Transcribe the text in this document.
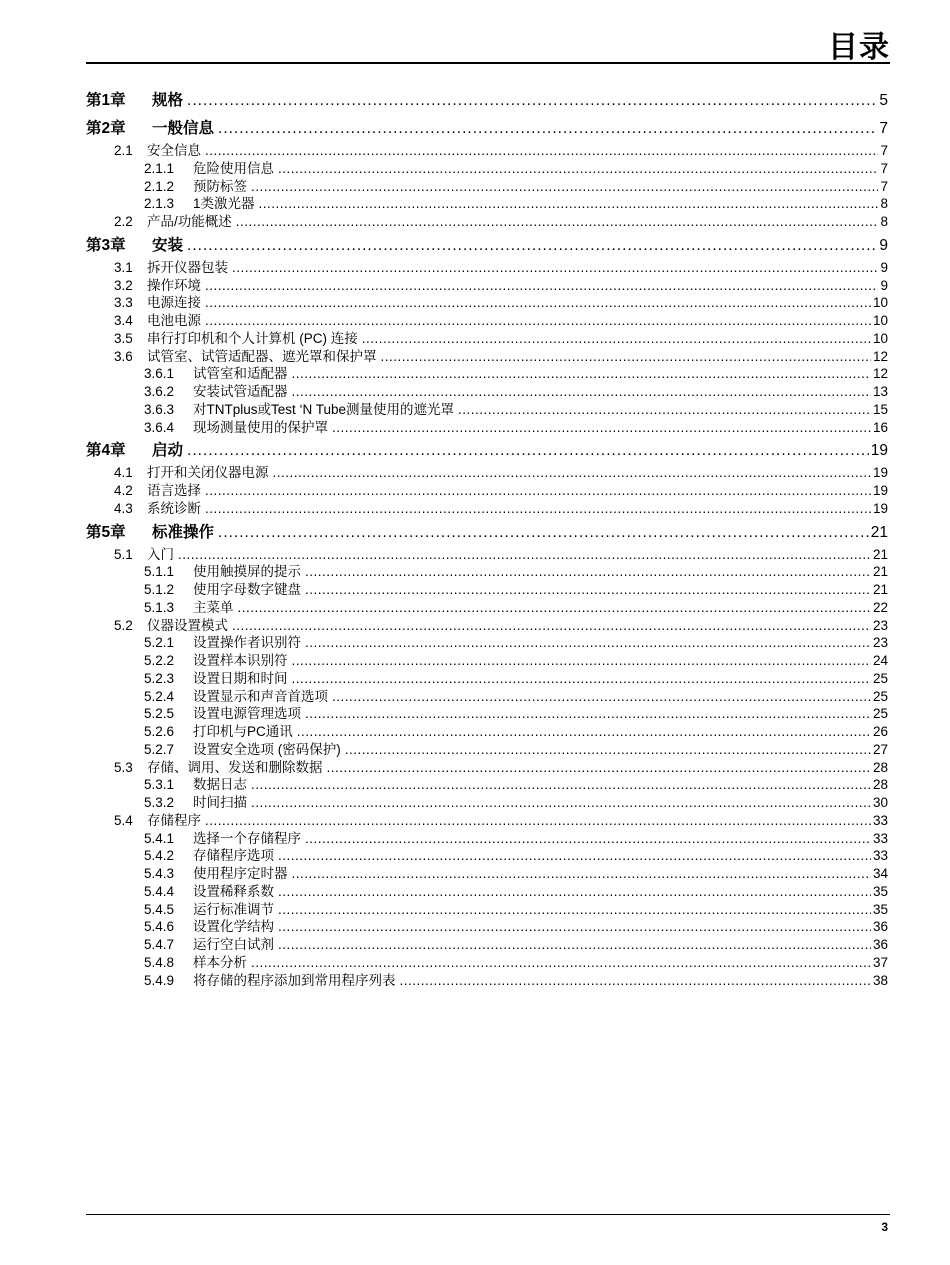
目录
第1章	规格 .....	5
第2章	一般信息 .....	7
2.1	安全信息 .....	7
2.1.1	危险使用信息 .....	7
2.1.2	预防标签 .....	7
2.1.3	1类激光器 .....	8
2.2	产品/功能概述 .....	8
第3章	安装 .....	9
3.1	拆开仪器包装 .....	9
3.2	操作环境 .....	9
3.3	电源连接 .....	10
3.4	电池电源 .....	10
3.5	串行打印机和个人计算机 (PC) 连接 .....	10
3.6	试管室、试管适配器、遮光罩和保护罩 .....	12
3.6.1	试管室和适配器 .....	12
3.6.2	安装试管适配器 .....	13
3.6.3	对TNTplus或Test ‘N Tube测量使用的遮光罩 .....	15
3.6.4	现场测量使用的保护罩 .....	16
第4章	启动 .....	19
4.1	打开和关闭仪器电源 .....	19
4.2	语言选择 .....	19
4.3	系统诊断 .....	19
第5章	标准操作 .....	21
5.1	入门 .....	21
5.1.1	使用触摸屏的提示 .....	21
5.1.2	使用字母数字键盘 .....	21
5.1.3	主菜单 .....	22
5.2	仪器设置模式 .....	23
5.2.1	设置操作者识别符 .....	23
5.2.2	设置样本识别符 .....	24
5.2.3	设置日期和时间 .....	25
5.2.4	设置显示和声音首选项 .....	25
5.2.5	设置电源管理选项 .....	25
5.2.6	打印机与PC通讯 .....	26
5.2.7	设置安全选项 (密码保护) .....	27
5.3	存储、调用、发送和删除数据 .....	28
5.3.1	数据日志 .....	28
5.3.2	时间扫描 .....	30
5.4	存储程序 .....	33
5.4.1	选择一个存储程序 .....	33
5.4.2	存储程序选项 .....	33
5.4.3	使用程序定时器 .....	34
5.4.4	设置稀释系数 .....	35
5.4.5	运行标准调节 .....	35
5.4.6	设置化学结构 .....	36
5.4.7	运行空白试剂 .....	36
5.4.8	样本分析 .....	37
5.4.9	将存储的程序添加到常用程序列表 .....	38
3
